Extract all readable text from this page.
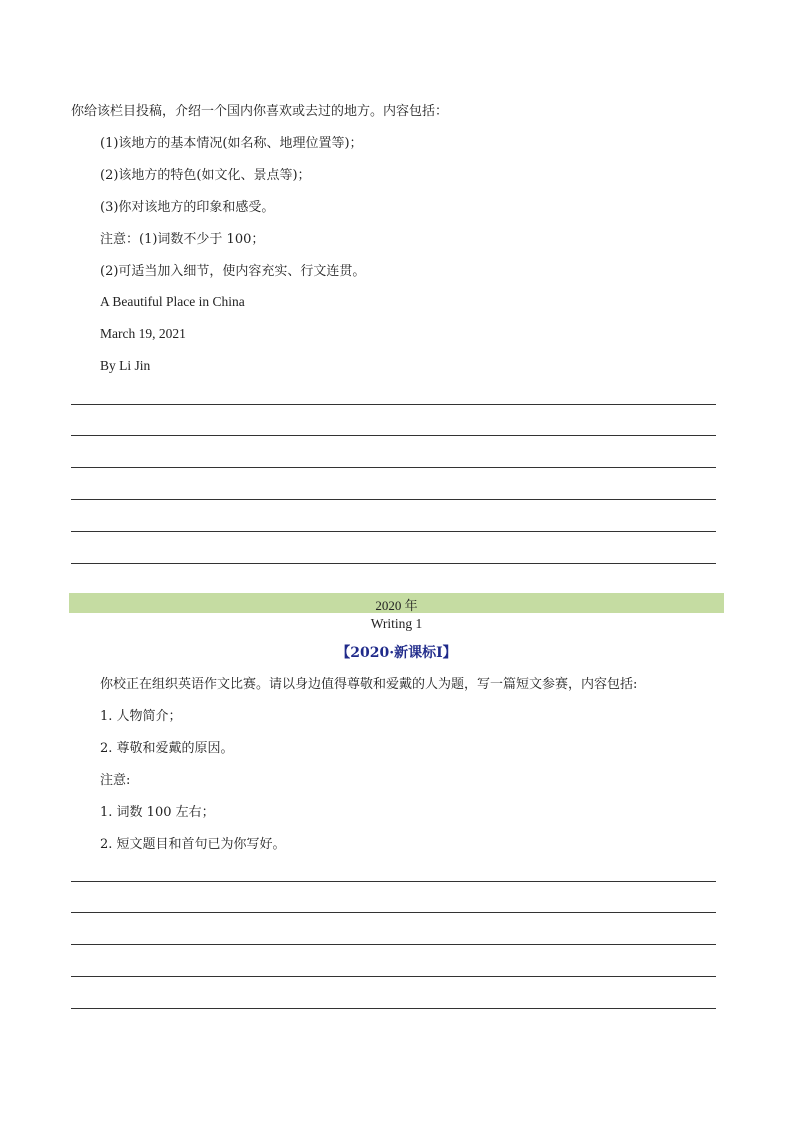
你给该栏目投稿，介绍一个国内你喜欢或去过的地方。内容包括：
(1)该地方的基本情况(如名称、地理位置等)；
(2)该地方的特色(如文化、景点等)；
(3)你对该地方的印象和感受。
注意：(1)词数不少于 100；
(2)可适当加入细节，使内容充实、行文连贯。
A Beautiful Place in China
March 19, 2021
By Li Jin
2020 年
Writing 1
【2020·新课标Ⅰ】
你校正在组织英语作文比赛。请以身边值得尊敬和爱戴的人为题，写一篇短文参赛，内容包括:
1. 人物简介；
2. 尊敬和爱戴的原因。
注意:
1. 词数 100 左右；
2. 短文题目和首句已为你写好。
